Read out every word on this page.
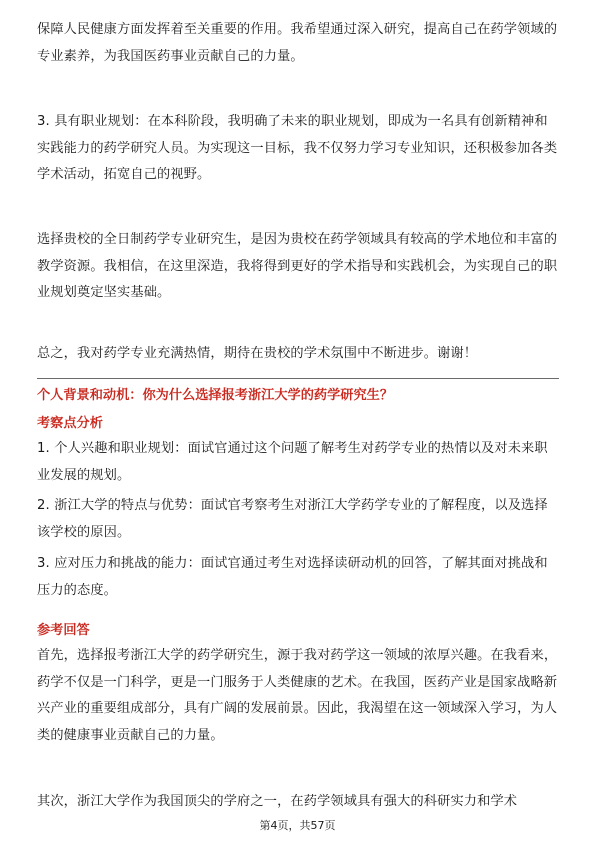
保障人民健康方面发挥着至关重要的作用。我希望通过深入研究，提高自己在药学领域的专业素养，为我国医药事业贡献自己的力量。

3. 具有职业规划：在本科阶段，我明确了未来的职业规划，即成为一名具有创新精神和实践能力的药学研究人员。为实现这一目标，我不仅努力学习专业知识，还积极参加各类学术活动，拓宽自己的视野。

选择贵校的全日制药学专业研究生，是因为贵校在药学领域具有较高的学术地位和丰富的教学资源。我相信，在这里深造，我将得到更好的学术指导和实践机会，为实现自己的职业规划奠定坚实基础。

总之，我对药学专业充满热情，期待在贵校的学术氛围中不断进步。谢谢！

个人背景和动机：你为什么选择报考浙江大学的药学研究生？

考察点分析

1. 个人兴趣和职业规划：面试官通过这个问题了解考生对药学专业的热情以及对未来职业发展的规划。

2. 浙江大学的特点与优势：面试官考察考生对浙江大学药学专业的了解程度，以及选择该学校的原因。

3. 应对压力和挑战的能力：面试官通过考生对选择读研动机的回答，了解其面对挑战和压力的态度。

参考回答

首先，选择报考浙江大学的药学研究生，源于我对药学这一领域的浓厚兴趣。在我看来，药学不仅是一门科学，更是一门服务于人类健康的艺术。在我国，医药产业是国家战略新兴产业的重要组成部分，具有广阔的发展前景。因此，我渴望在这一领域深入学习，为人类的健康事业贡献自己的力量。

其次，浙江大学作为我国顶尖的学府之一，在药学领域具有强大的科研实力和学术

第4页，共57页
